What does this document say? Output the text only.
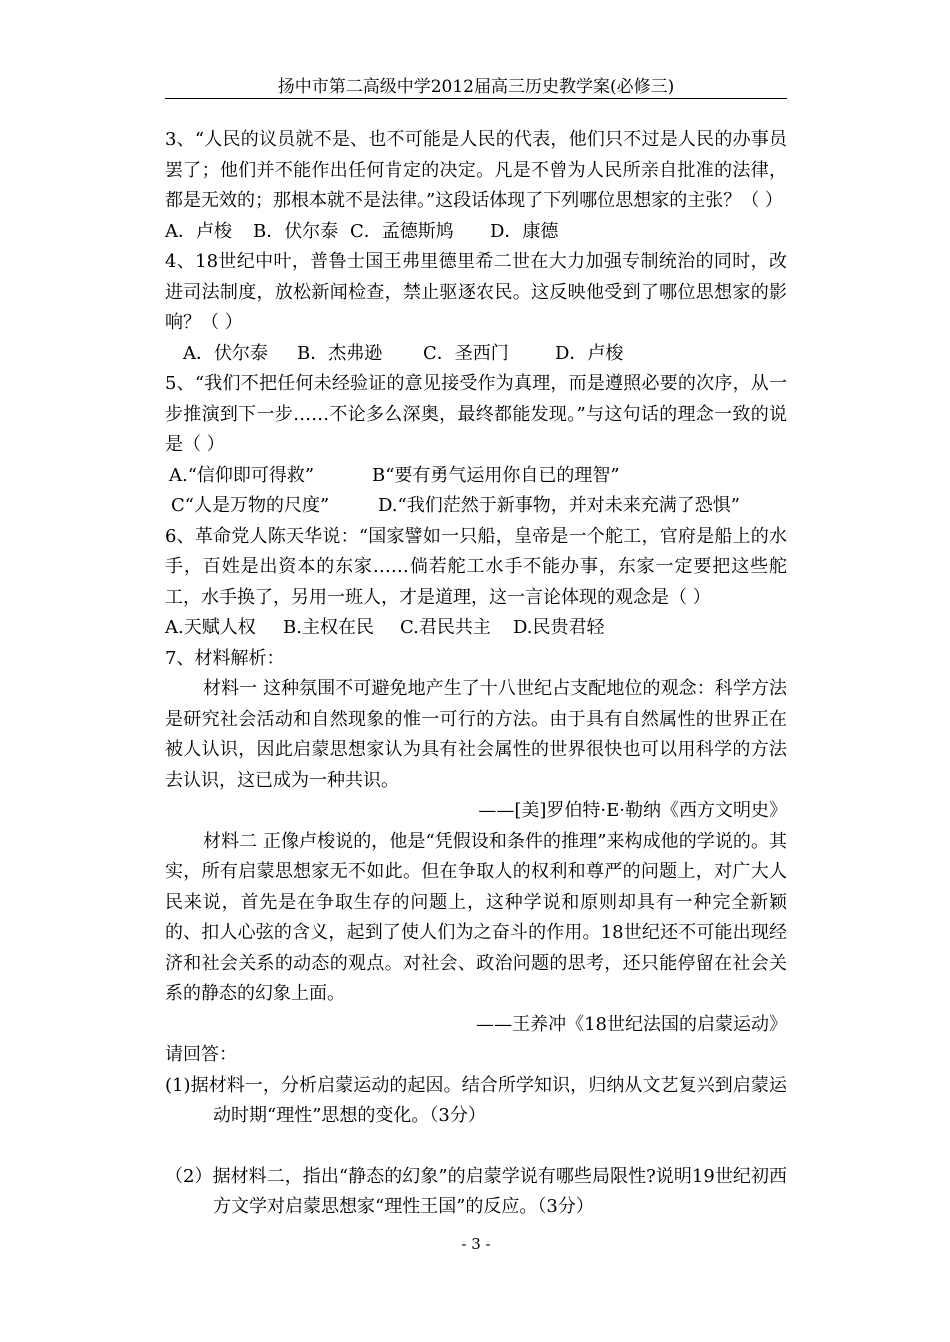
扬中市第二高级中学2012届高三历史教学案(必修三)

3、“人民的议员就不是、也不可能是人民的代表，他们只不过是人民的办事员罢了；他们并不能作出任何肯定的决定。凡是不曾为人民所亲自批准的法律，都是无效的；那根本就不是法律。”这段话体现了下列哪位思想家的主张？（ ）

A．卢梭	B．伏尔泰 C．孟德斯鸠	D．康德

4、18世纪中叶，普鲁士国王弗里德里希二世在大力加强专制统治的同时，改进司法制度，放松新闻检查，禁止驱逐农民。这反映他受到了哪位思想家的影响？（ ）

A．伏尔泰	B．杰弗逊	C．圣西门	D．卢梭

5、“我们不把任何未经验证的意见接受作为真理，而是遵照必要的次序，从一步推演到下一步……不论多么深奥，最终都能发现。”与这句话的理念一致的说是（ ）

A.“信仰即可得救”	B“要有勇气运用你自已的理智”
C“人是万物的尺度”	D.“我们茫然于新事物，并对未来充满了恐惧”

6、革命党人陈天华说：“国家譬如一只船，皇帝是一个舵工，官府是船上的水手，百姓是出资本的东家……倘若舵工水手不能办事，东家一定要把这些舵工，水手换了，另用一班人，才是道理，这一言论体现的观念是（ ）

A.天赋人权	B.主权在民	C.君民共主	D.民贵君轻

7、材料解析：

材料一 这种氛围不可避免地产生了十八世纪占支配地位的观念：科学方法是研究社会活动和自然现象的惟一可行的方法。由于具有自然属性的世界正在被人认识，因此启蒙思想家认为具有社会属性的世界很快也可以用科学的方法去认识，这已成为一种共识。

——[美]罗伯特·E·勒纳《西方文明史》

材料二 正像卢梭说的，他是“凭假设和条件的推理”来构成他的学说的。其实，所有启蒙思想家无不如此。但在争取人的权利和尊严的问题上，对广大人民来说，首先是在争取生存的问题上，这种学说和原则却具有一种完全新颖的、扣人心弦的含义，起到了使人们为之奋斗的作用。18世纪还不可能出现经济和社会关系的动态的观点。对社会、政治问题的思考，还只能停留在社会关系的静态的幻象上面。

——王养冲《18世纪法国的启蒙运动》

请回答：

(1)据材料一，分析启蒙运动的起因。结合所学知识，归纳从文艺复兴到启蒙运动时期“理性”思想的变化。（3分）

（2）据材料二，指出“静态的幻象”的启蒙学说有哪些局限性?说明19世纪初西方文学对启蒙思想家“理性王国”的反应。（3分）

- 3 -
